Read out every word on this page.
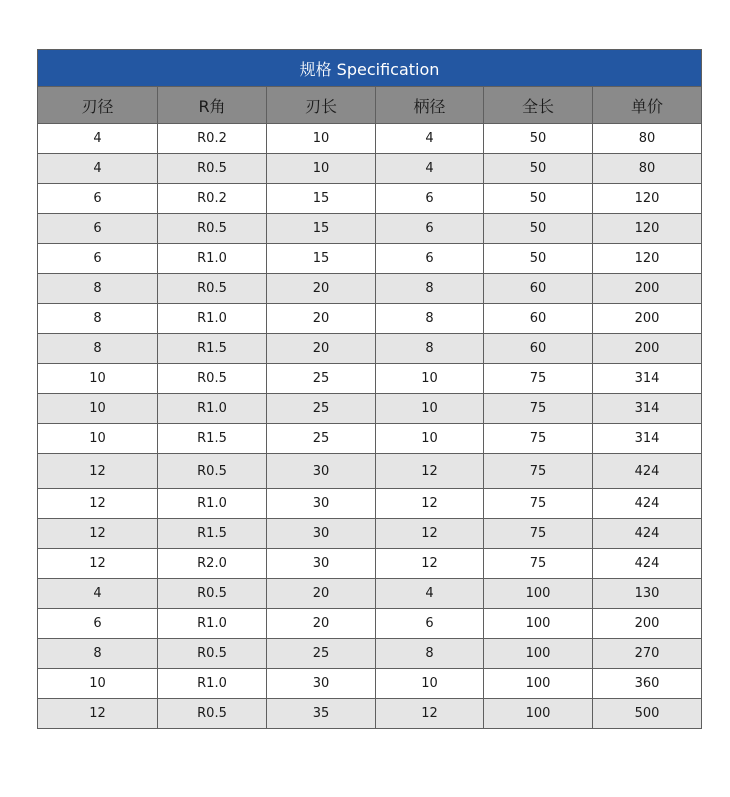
规格 Specification					
刃径	R角	刃长	柄径	全长	单价
4	R0.2	10	4	50	80
4	R0.5	10	4	50	80
6	R0.2	15	6	50	120
6	R0.5	15	6	50	120
6	R1.0	15	6	50	120
8	R0.5	20	8	60	200
8	R1.0	20	8	60	200
8	R1.5	20	8	60	200
10	R0.5	25	10	75	314
10	R1.0	25	10	75	314
10	R1.5	25	10	75	314
12	R0.5	30	12	75	424
12	R1.0	30	12	75	424
12	R1.5	30	12	75	424
12	R2.0	30	12	75	424
4	R0.5	20	4	100	130
6	R1.0	20	6	100	200
8	R0.5	25	8	100	270
10	R1.0	30	10	100	360
12	R0.5	35	12	100	500
